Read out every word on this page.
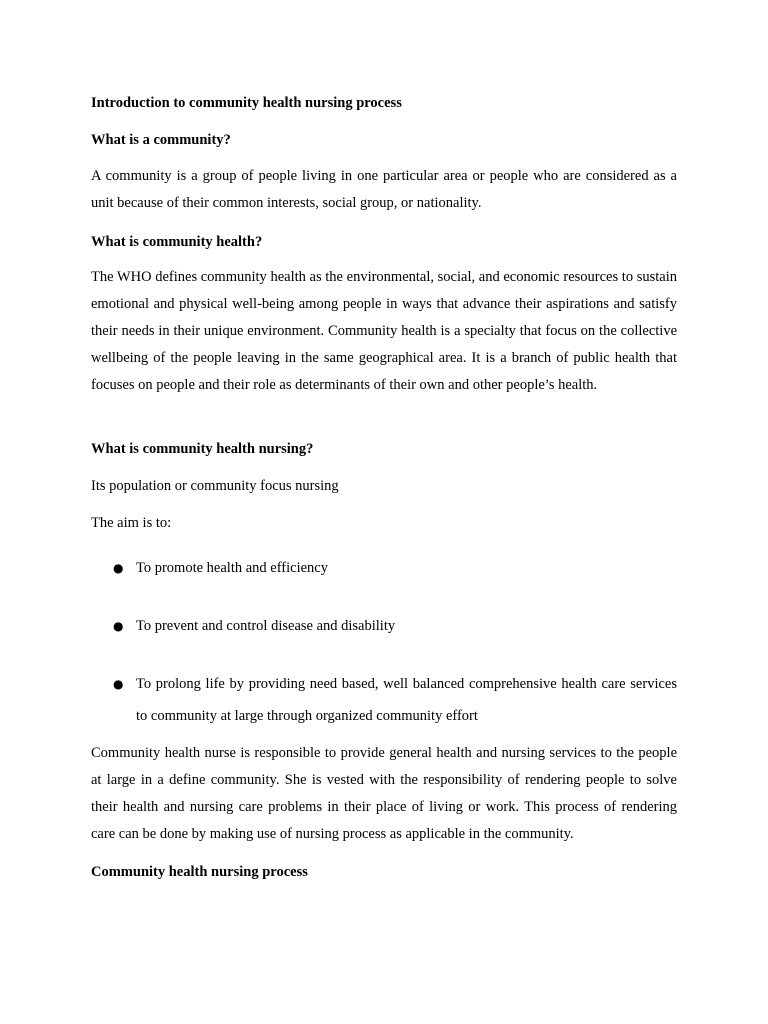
Introduction to community health nursing process

What is a community?

A community is a group of people living in one particular area or people who are considered as a unit because of their common interests, social group, or nationality.

What is community health?

The WHO defines community health as the environmental, social, and economic resources to sustain emotional and physical well-being among people in ways that advance their aspirations and satisfy their needs in their unique environment. Community health is a specialty that focus on the collective wellbeing of the people leaving in the same geographical area. It is a branch of public health that focuses on people and their role as determinants of their own and other people’s health.

What is community health nursing?

Its population or community focus nursing

The aim is to:

● To promote health and efficiency
● To prevent and control disease and disability
● To prolong life by providing need based, well balanced comprehensive health care services to community at large through organized community effort

Community health nurse is responsible to provide general health and nursing services to the people at large in a define community. She is vested with the responsibility of rendering people to solve their health and nursing care problems in their place of living or work. This process of rendering care can be done by making use of nursing process as applicable in the community.

Community health nursing process
